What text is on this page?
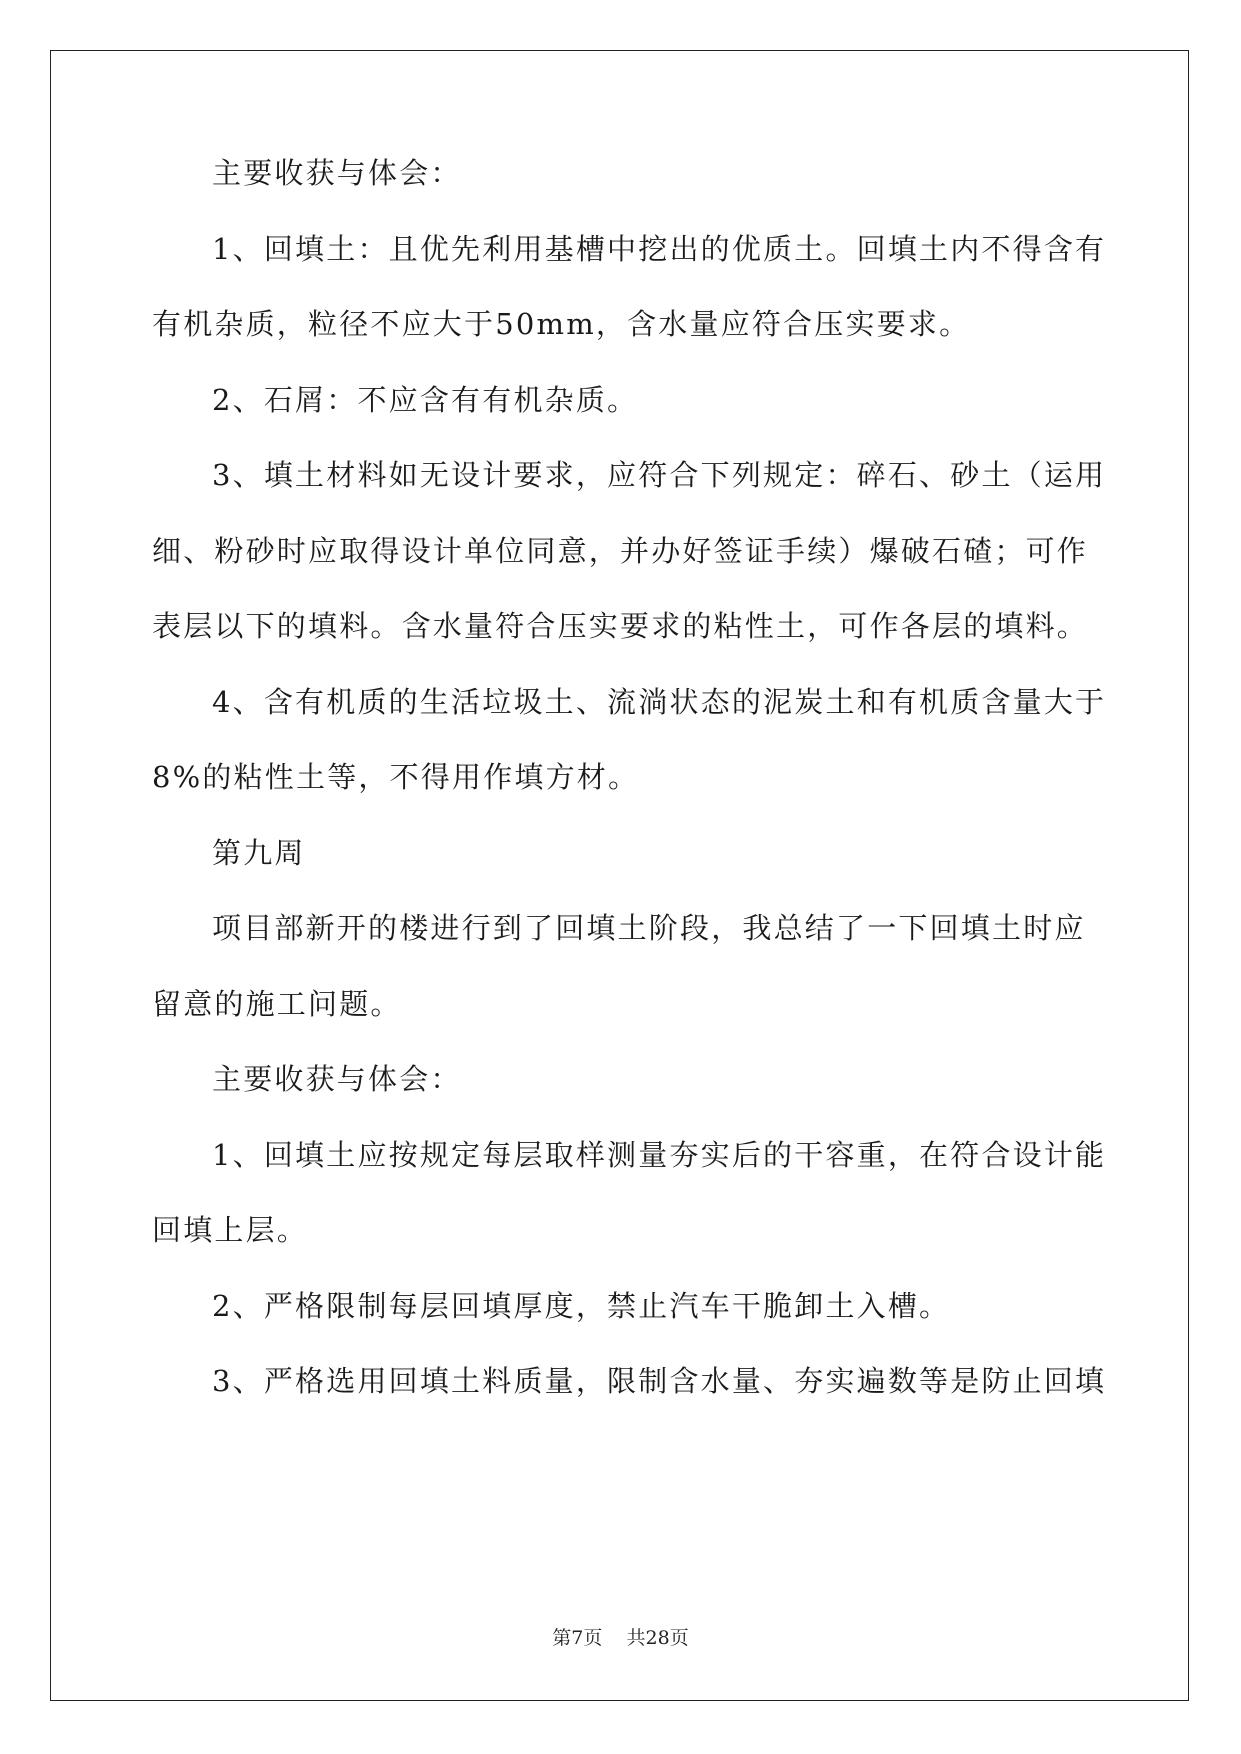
主要收获与体会：
1、回填土：且优先利用基槽中挖出的优质土。回填土内不得含有
有机杂质，粒径不应大于50mm，含水量应符合压实要求。
2、石屑：不应含有有机杂质。
3、填土材料如无设计要求，应符合下列规定：碎石、砂土（运用
细、粉砂时应取得设计单位同意，并办好签证手续）爆破石碴；可作
表层以下的填料。含水量符合压实要求的粘性土，可作各层的填料。
4、含有机质的生活垃圾土、流淌状态的泥炭土和有机质含量大于
8%的粘性土等，不得用作填方材。
第九周
项目部新开的楼进行到了回填土阶段，我总结了一下回填土时应
留意的施工问题。
主要收获与体会：
1、回填土应按规定每层取样测量夯实后的干容重，在符合设计能
回填上层。
2、严格限制每层回填厚度，禁止汽车干脆卸土入槽。
3、严格选用回填土料质量，限制含水量、夯实遍数等是防止回填
第7页 共28页
